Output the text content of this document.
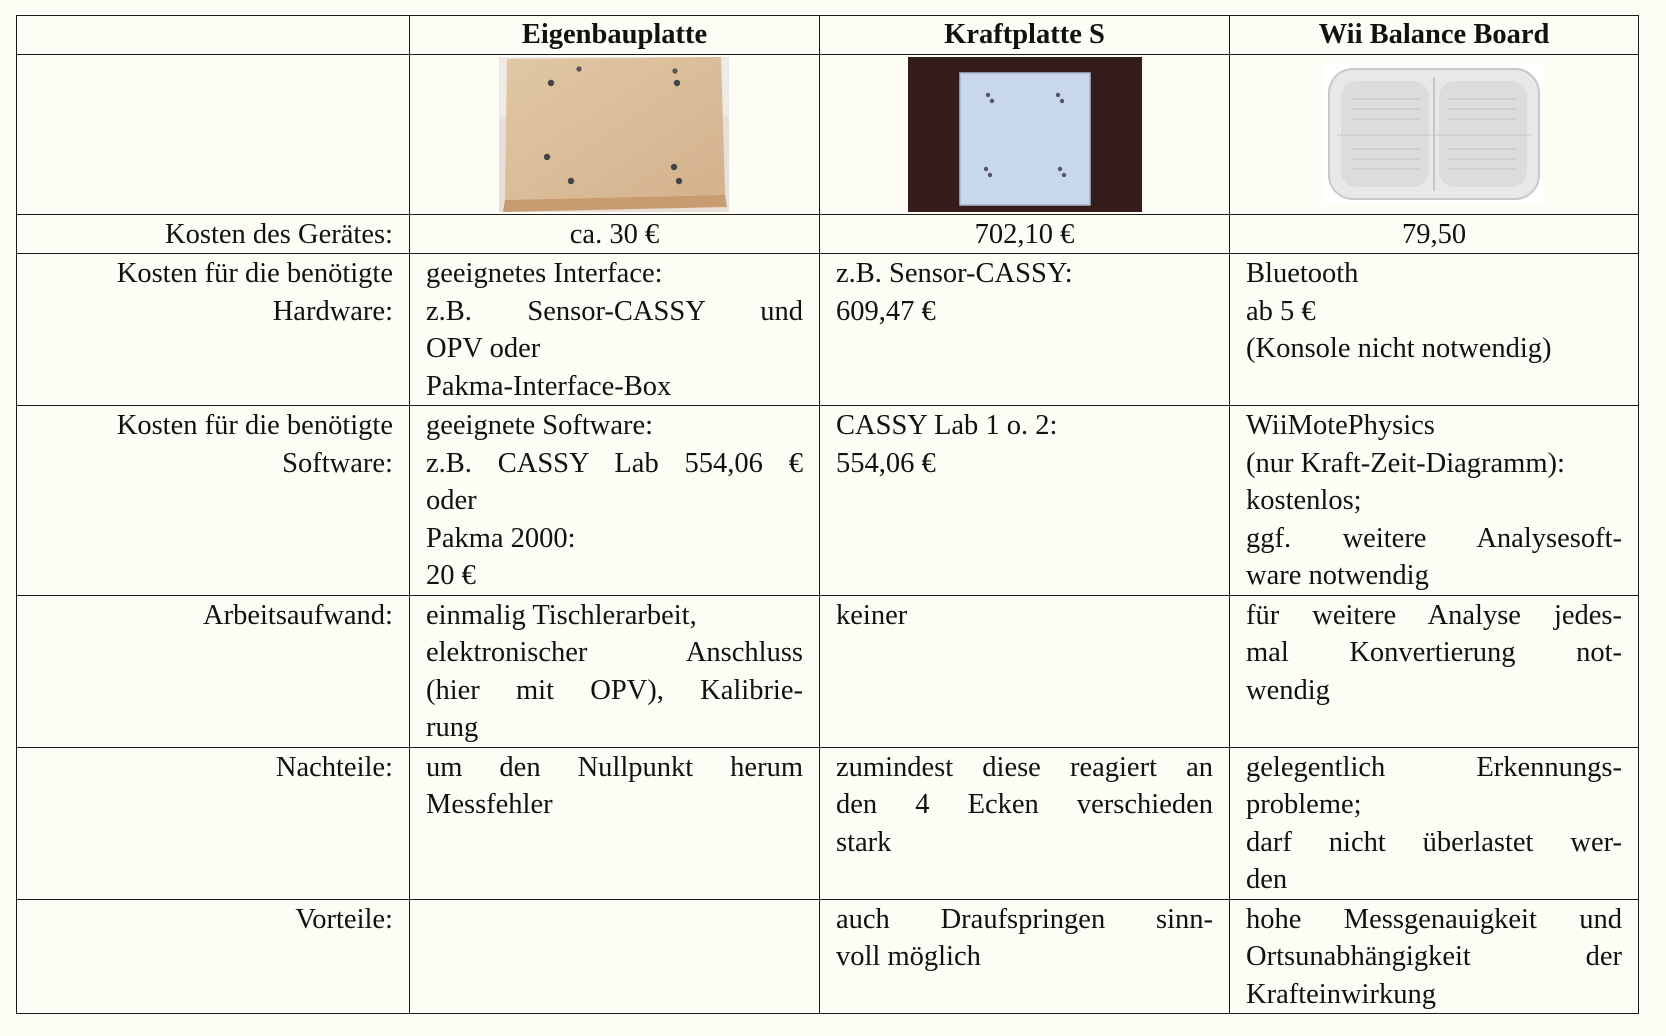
	Eigenbauplatte	Kraftplatte S	Wii Balance Board

Kosten des Gerätes:	ca. 30 €	702,10 €	79,50

Kosten für die benötigte
Hardware:	geeignetes Interface:
z.B. Sensor-CASSY und
OPV oder
Pakma-Interface-Box	z.B. Sensor-CASSY:
609,47 €	Bluetooth
ab 5 €
(Konsole nicht notwendig)

Kosten für die benötigte
Software:	geeignete Software:
z.B. CASSY Lab 554,06 €
oder
Pakma 2000:
20 €	CASSY Lab 1 o. 2:
554,06 €	WiiMotePhysics
(nur Kraft-Zeit-Diagramm):
kostenlos;
ggf. weitere Analysesoft-
ware notwendig

Arbeitsaufwand:	einmalig Tischlerarbeit,
elektronischer Anschluss
(hier mit OPV), Kalibrie-
rung	keiner	für weitere Analyse jedes-
mal Konvertierung not-
wendig

Nachteile:	um den Nullpunkt herum
Messfehler	zumindest diese reagiert an
den 4 Ecken verschieden
stark	gelegentlich Erkennungs-
probleme;
darf nicht überlastet wer-
den

Vorteile:		auch Draufspringen sinn-
voll möglich	hohe Messgenauigkeit und
Ortsunabhängigkeit der
Krafteinwirkung
